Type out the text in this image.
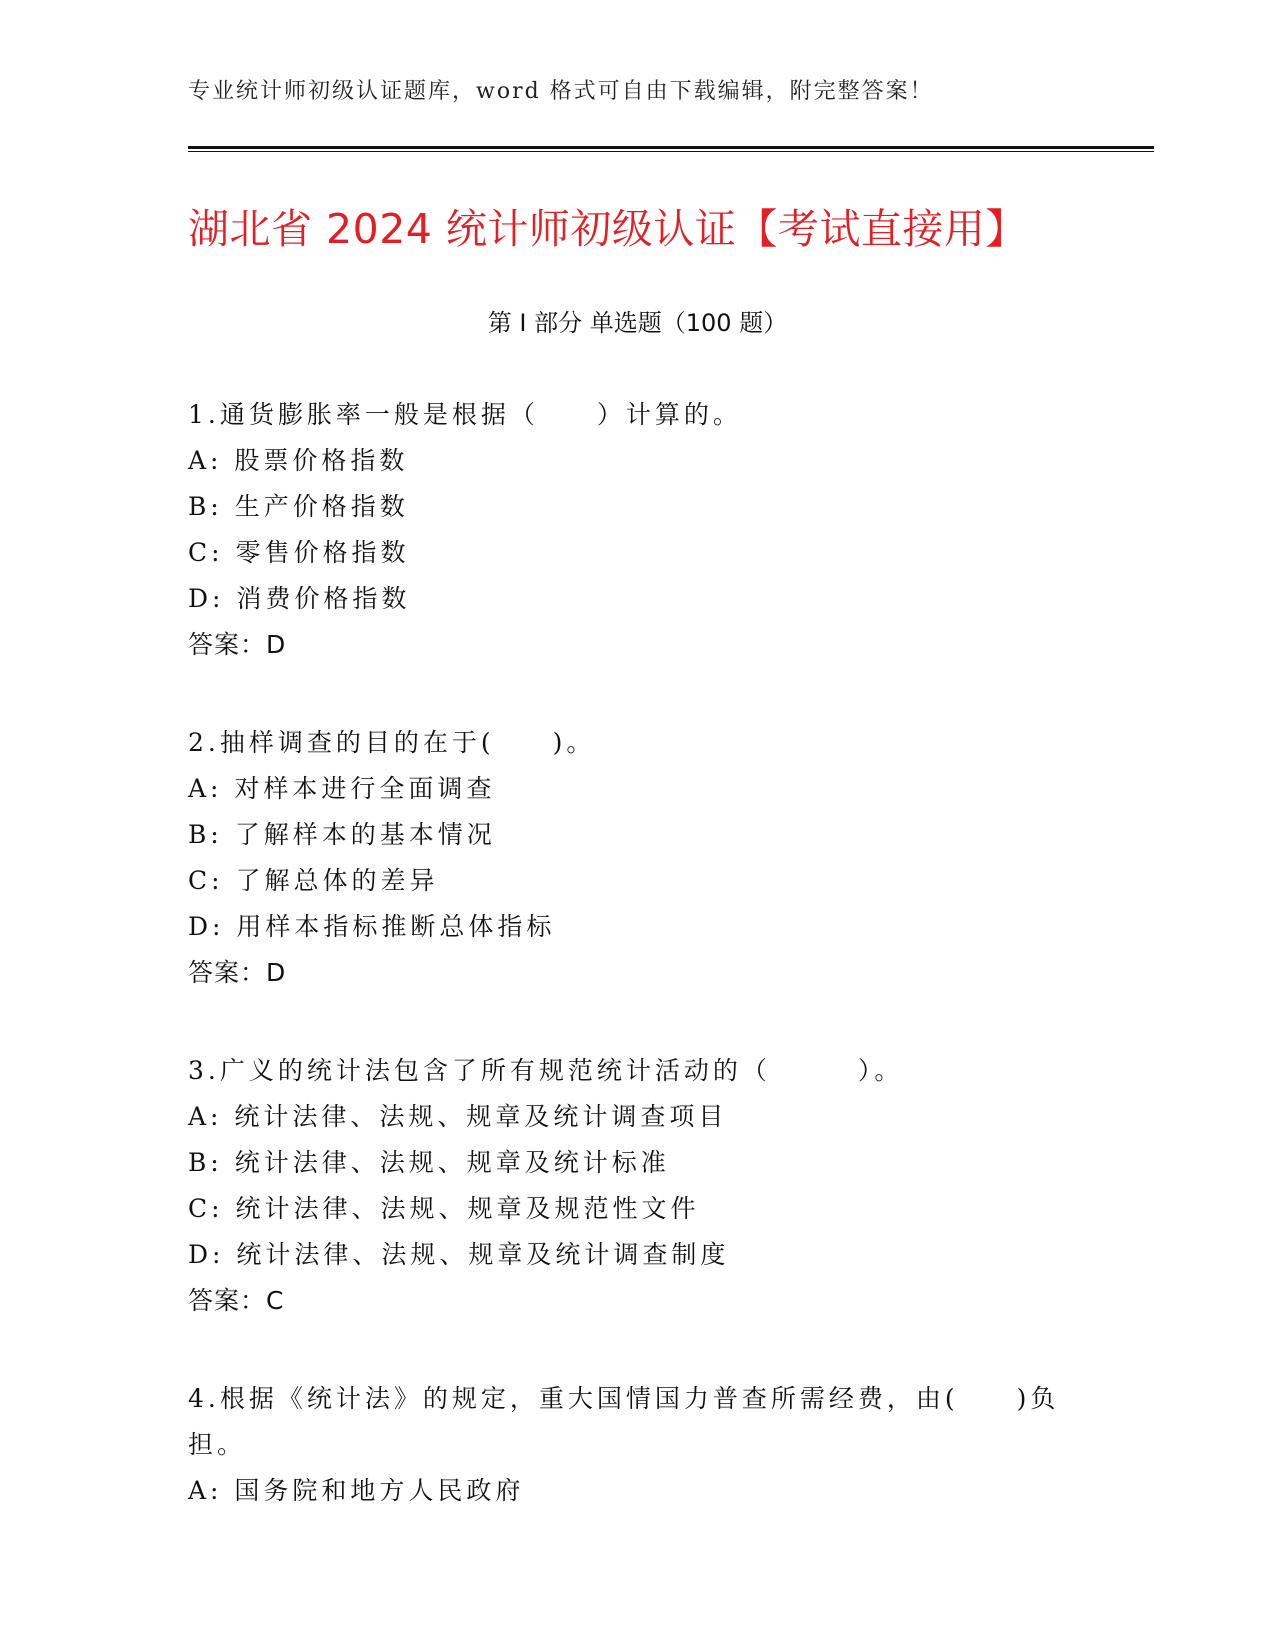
专业统计师初级认证题库，word 格式可自由下载编辑，附完整答案！
湖北省 2024 统计师初级认证【考试直接用】
第 I 部分 单选题（100 题）
1.通货膨胀率一般是根据（　　）计算的。
A: 股票价格指数
B: 生产价格指数
C: 零售价格指数
D: 消费价格指数
答案：D
2.抽样调查的目的在于(　　)。
A: 对样本进行全面调查
B: 了解样本的基本情况
C: 了解总体的差异
D: 用样本指标推断总体指标
答案：D
3.广义的统计法包含了所有规范统计活动的（　　　）。
A: 统计法律、法规、规章及统计调查项目
B: 统计法律、法规、规章及统计标准
C: 统计法律、法规、规章及规范性文件
D: 统计法律、法规、规章及统计调查制度
答案：C
4.根据《统计法》的规定，重大国情国力普查所需经费，由(　　)负担。
A: 国务院和地方人民政府
